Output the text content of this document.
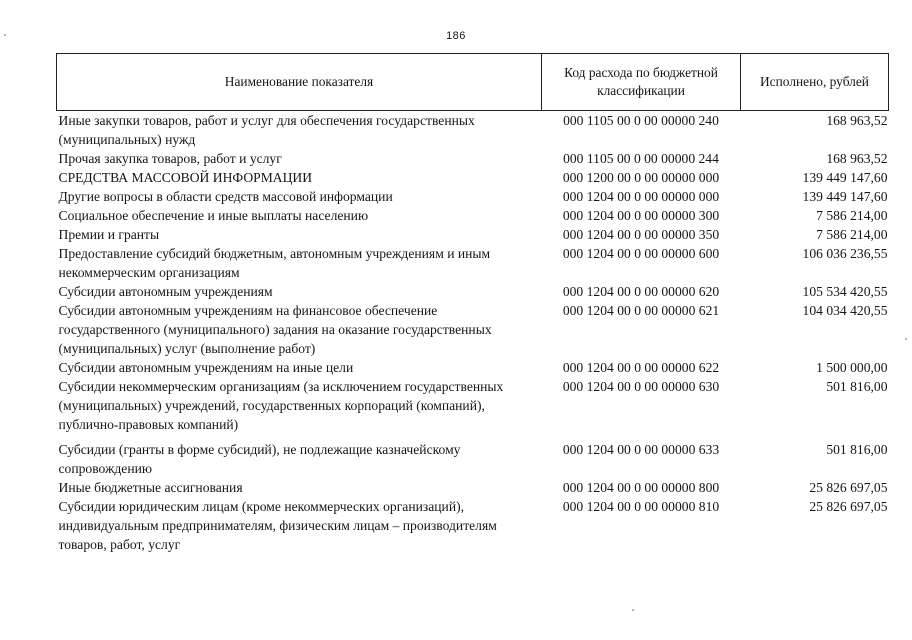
186
Наименование показателя	Код расхода по бюджетной классификации	Исполнено, рублей
Иные закупки товаров, работ и услуг для обеспечения государственных (муниципальных) нужд	000 1105 00 0 00 00000 240	168 963,52
Прочая закупка товаров, работ и услуг	000 1105 00 0 00 00000 244	168 963,52
СРЕДСТВА МАССОВОЙ ИНФОРМАЦИИ	000 1200 00 0 00 00000 000	139 449 147,60
Другие вопросы в области средств массовой информации	000 1204 00 0 00 00000 000	139 449 147,60
Социальное обеспечение и иные выплаты населению	000 1204 00 0 00 00000 300	7 586 214,00
Премии и гранты	000 1204 00 0 00 00000 350	7 586 214,00
Предоставление субсидий бюджетным, автономным учреждениям и иным некоммерческим организациям	000 1204 00 0 00 00000 600	106 036 236,55
Субсидии автономным учреждениям	000 1204 00 0 00 00000 620	105 534 420,55
Субсидии автономным учреждениям на финансовое обеспечение государственного (муниципального) задания на оказание государственных (муниципальных) услуг (выполнение работ)	000 1204 00 0 00 00000 621	104 034 420,55
Субсидии автономным учреждениям на иные цели	000 1204 00 0 00 00000 622	1 500 000,00
Субсидии некоммерческим организациям (за исключением государственных (муниципальных) учреждений, государственных корпораций (компаний), публично-правовых компаний)	000 1204 00 0 00 00000 630	501 816,00
Субсидии (гранты в форме субсидий), не подлежащие казначейскому сопровождению	000 1204 00 0 00 00000 633	501 816,00
Иные бюджетные ассигнования	000 1204 00 0 00 00000 800	25 826 697,05
Субсидии юридическим лицам (кроме некоммерческих организаций), индивидуальным предпринимателям, физическим лицам – производителям товаров, работ, услуг	000 1204 00 0 00 00000 810	25 826 697,05
